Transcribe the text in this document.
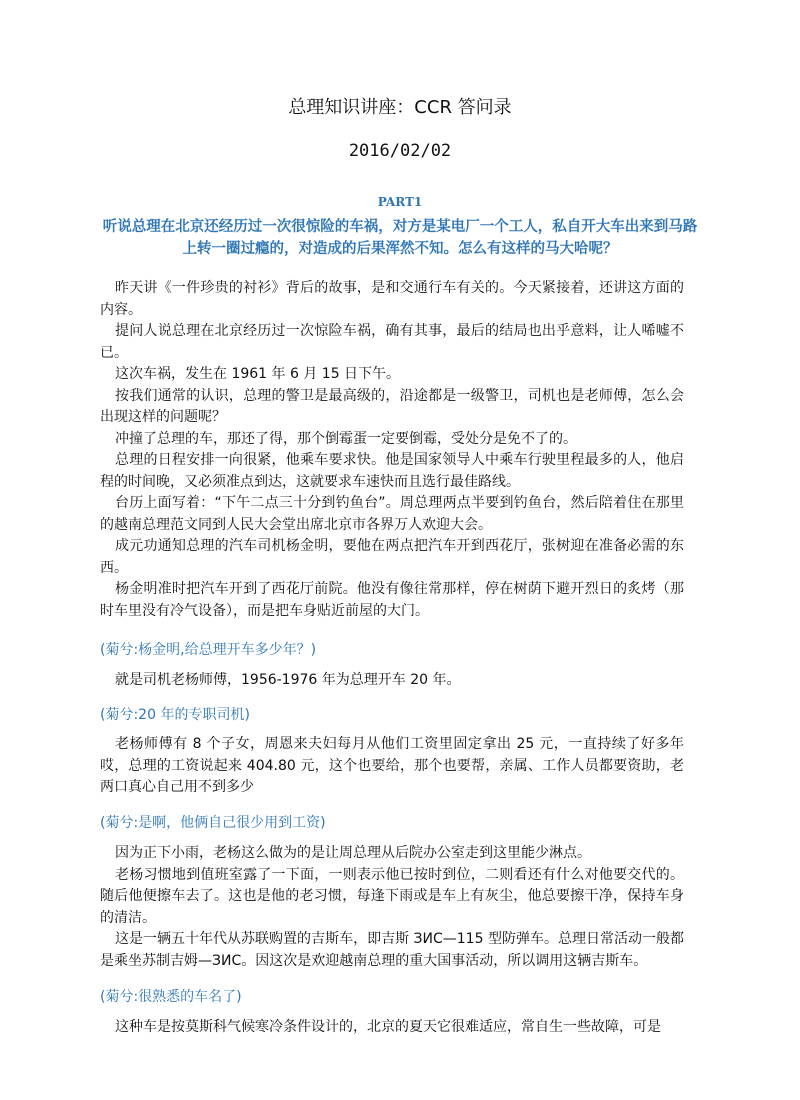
总理知识讲座：CCR 答问录
2016/02/02
PART1
听说总理在北京还经历过一次很惊险的车祸，对方是某电厂一个工人，私自开大车出来到马路上转一圈过瘾的，对造成的后果浑然不知。怎么有这样的马大哈呢？

昨天讲《一件珍贵的衬衫》背后的故事，是和交通行车有关的。今天紧接着，还讲这方面的内容。

提问人说总理在北京经历过一次惊险车祸，确有其事，最后的结局也出乎意料，让人唏嘘不已。

这次车祸，发生在 1961 年 6 月 15 日下午。

按我们通常的认识，总理的警卫是最高级的，沿途都是一级警卫，司机也是老师傅，怎么会出现这样的问题呢？

冲撞了总理的车，那还了得，那个倒霉蛋一定要倒霉，受处分是免不了的。

总理的日程安排一向很紧，他乘车要求快。他是国家领导人中乘车行驶里程最多的人，他启程的时间晚，又必须准点到达，这就要求车速快而且选行最佳路线。

台历上面写着：“下午二点三十分到钓鱼台”。周总理两点半要到钓鱼台，然后陪着住在那里的越南总理范文同到人民大会堂出席北京市各界万人欢迎大会。

成元功通知总理的汽车司机杨金明，要他在两点把汽车开到西花厅，张树迎在准备必需的东西。

杨金明准时把汽车开到了西花厅前院。他没有像往常那样，停在树荫下避开烈日的炙烤（那时车里没有冷气设备），而是把车身贴近前屋的大门。

(菊兮:杨金明,给总理开车多少年？)

就是司机老杨师傅，1956-1976 年为总理开车 20 年。

(菊兮:20 年的专职司机)

老杨师傅有 8 个子女，周恩来夫妇每月从他们工资里固定拿出 25 元，一直持续了好多年哎，总理的工资说起来 404.80 元，这个也要给，那个也要帮，亲属、工作人员都要资助，老两口真心自己用不到多少

(菊兮:是啊，他俩自己很少用到工资)

因为正下小雨，老杨这么做为的是让周总理从后院办公室走到这里能少淋点。

老杨习惯地到值班室露了一下面，一则表示他已按时到位，二则看还有什么对他要交代的。随后他便擦车去了。这也是他的老习惯，每逢下雨或是车上有灰尘，他总要擦干净，保持车身的清洁。

这是一辆五十年代从苏联购置的吉斯车，即吉斯 ЗИС—115 型防弹车。总理日常活动一般都是乘坐苏制吉姆—ЗИС。因这次是欢迎越南总理的重大国事活动，所以调用这辆吉斯车。

(菊兮:很熟悉的车名了)

这种车是按莫斯科气候寒冷条件设计的，北京的夏天它很难适应，常自生一些故障，可是
